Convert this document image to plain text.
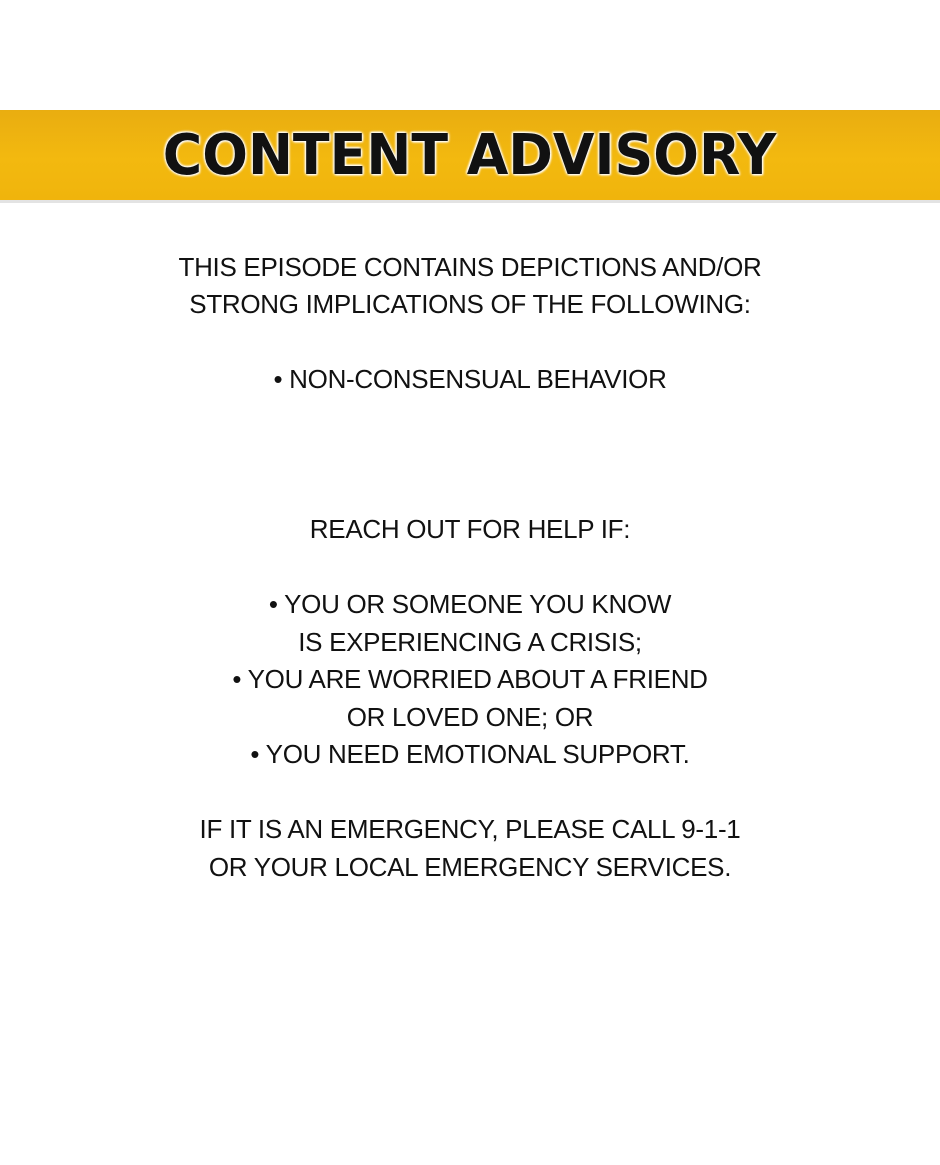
CONTENT ADVISORY
THIS EPISODE CONTAINS DEPICTIONS AND/OR
STRONG IMPLICATIONS OF THE FOLLOWING:
• NON-CONSENSUAL BEHAVIOR
REACH OUT FOR HELP IF:
• YOU OR SOMEONE YOU KNOW
IS EXPERIENCING A CRISIS;
• YOU ARE WORRIED ABOUT A FRIEND
OR LOVED ONE; OR
• YOU NEED EMOTIONAL SUPPORT.
IF IT IS AN EMERGENCY, PLEASE CALL 9-1-1
OR YOUR LOCAL EMERGENCY SERVICES.
